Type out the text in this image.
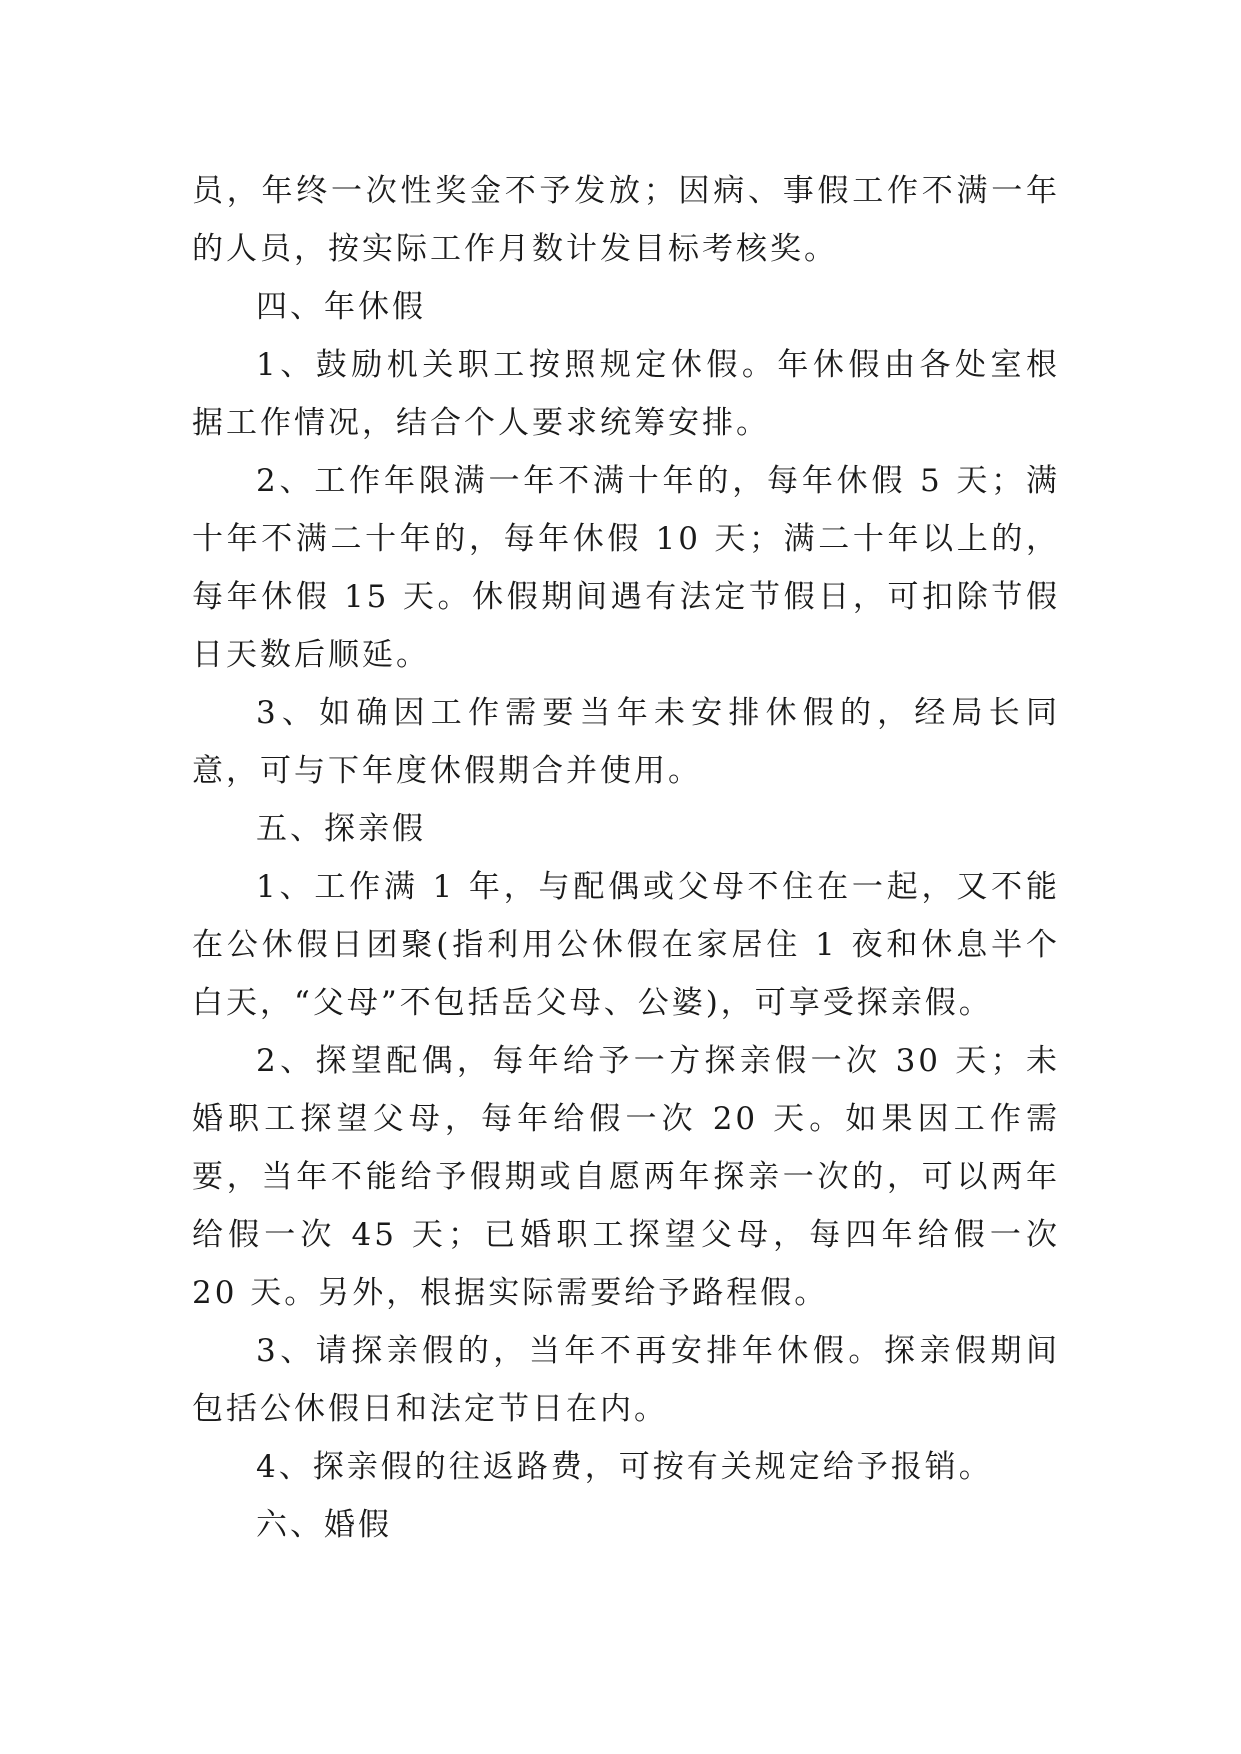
员，年终一次性奖金不予发放；因病、事假工作不满一年的人员，按实际工作月数计发目标考核奖。

四、年休假

1、鼓励机关职工按照规定休假。年休假由各处室根据工作情况，结合个人要求统筹安排。

2、工作年限满一年不满十年的，每年休假 5 天；满十年不满二十年的，每年休假 10 天；满二十年以上的，每年休假 15 天。休假期间遇有法定节假日，可扣除节假日天数后顺延。

3、如确因工作需要当年未安排休假的，经局长同意，可与下年度休假期合并使用。

五、探亲假

1、工作满 1 年，与配偶或父母不住在一起，又不能在公休假日团聚(指利用公休假在家居住 1 夜和休息半个白天，“父母”不包括岳父母、公婆)，可享受探亲假。

2、探望配偶，每年给予一方探亲假一次 30 天；未婚职工探望父母，每年给假一次 20 天。如果因工作需要，当年不能给予假期或自愿两年探亲一次的，可以两年给假一次 45 天；已婚职工探望父母，每四年给假一次 20 天。另外，根据实际需要给予路程假。

3、请探亲假的，当年不再安排年休假。探亲假期间包括公休假日和法定节日在内。

4、探亲假的往返路费，可按有关规定给予报销。

六、婚假
